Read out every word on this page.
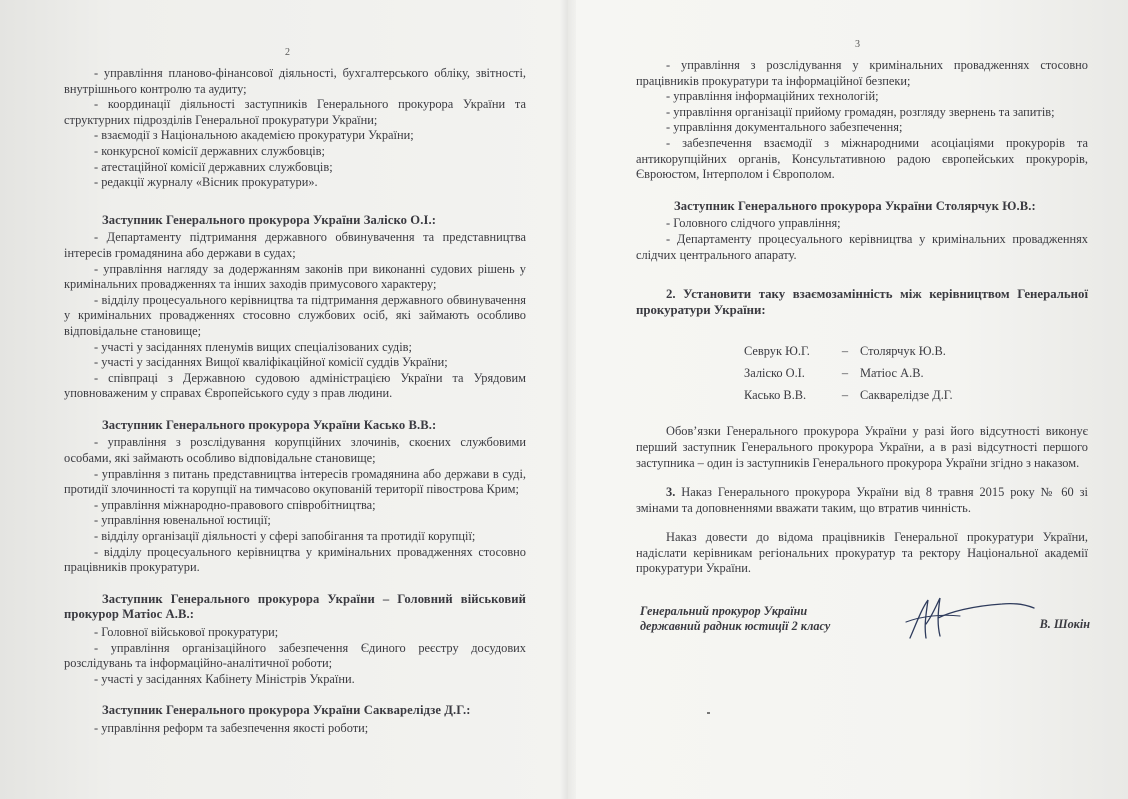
2
3

- управління планово-фінансової діяльності, бухгалтерського обліку, звітності, внутрішнього контролю та аудиту;

- координації діяльності заступників Генерального прокурора України та структурних підрозділів Генеральної прокуратури України;

- взаємодії з Національною академією прокуратури України;

- конкурсної комісії державних службовців;

- атестаційної комісії державних службовців;

- редакції журналу «Вісник прокуратури».

Заступник Генерального прокурора України Заліско О.І.:

- Департаменту підтримання державного обвинувачення та представництва інтересів громадянина або держави в судах;

- управління нагляду за додержанням законів при виконанні судових рішень у кримінальних провадженнях та інших заходів примусового характеру;

- відділу процесуального керівництва та підтримання державного обвинувачення у кримінальних провадженнях стосовно службових осіб, які займають особливо відповідальне становище;

- участі у засіданнях пленумів вищих спеціалізованих судів;

- участі у засіданнях Вищої кваліфікаційної комісії суддів України;

- співпраці з Державною судовою адміністрацією України та Урядовим уповноваженим у справах Європейського суду з прав людини.

Заступник Генерального прокурора України Касько В.В.:

- управління з розслідування корупційних злочинів, скоєних службовими особами, які займають особливо відповідальне становище;

- управління з питань представництва інтересів громадянина або держави в суді, протидії злочинності та корупції на тимчасово окупованій території півострова Крим;

- управління міжнародно-правового співробітництва;

- управління ювенальної юстиції;

- відділу організації діяльності у сфері запобігання та протидії корупції;

- відділу процесуального керівництва у кримінальних провадженнях стосовно працівників прокуратури.

Заступник Генерального прокурора України – Головний військовий прокурор Матіос А.В.:

- Головної військової прокуратури;

- управління організаційного забезпечення Єдиного реєстру досудових розслідувань та інформаційно-аналітичної роботи;

- участі у засіданнях Кабінету Міністрів України.

Заступник Генерального прокурора України Сакварелідзе Д.Г.:

- управління реформ та забезпечення якості роботи;

- управління з розслідування у кримінальних провадженнях стосовно працівників прокуратури та інформаційної безпеки;

- управління інформаційних технологій;

- управління організації прийому громадян, розгляду звернень та запитів;

- управління документального забезпечення;

- забезпечення взаємодії з міжнародними асоціаціями прокурорів та антикорупційних органів, Консультативною радою європейських прокурорів, Євроюстом, Інтерполом і Європолом.

Заступник Генерального прокурора України Столярчук Ю.В.:

- Головного слідчого управління;

- Департаменту процесуального керівництва у кримінальних провадженнях слідчих центрального апарату.

2. Установити таку взаємозамінність між керівництвом Генеральної прокуратури України:

Севрук Ю.Г.	– Столярчук Ю.В.
Заліско О.І.	– Матіос А.В.
Касько В.В.	– Сакварелідзе Д.Г.

Обов’язки Генерального прокурора України у разі його відсутності виконує перший заступник Генерального прокурора України, а в разі відсутності першого заступника – один із заступників Генерального прокурора України згідно з наказом.

3. Наказ Генерального прокурора України від 8 травня 2015 року № 60 зі змінами та доповненнями вважати таким, що втратив чинність.

Наказ довести до відома працівників Генеральної прокуратури України, надіслати керівникам регіональних прокуратур та ректору Національної академії прокуратури України.

Генеральний прокурор України
державний радник юстиції 2 класу	В. Шокін
